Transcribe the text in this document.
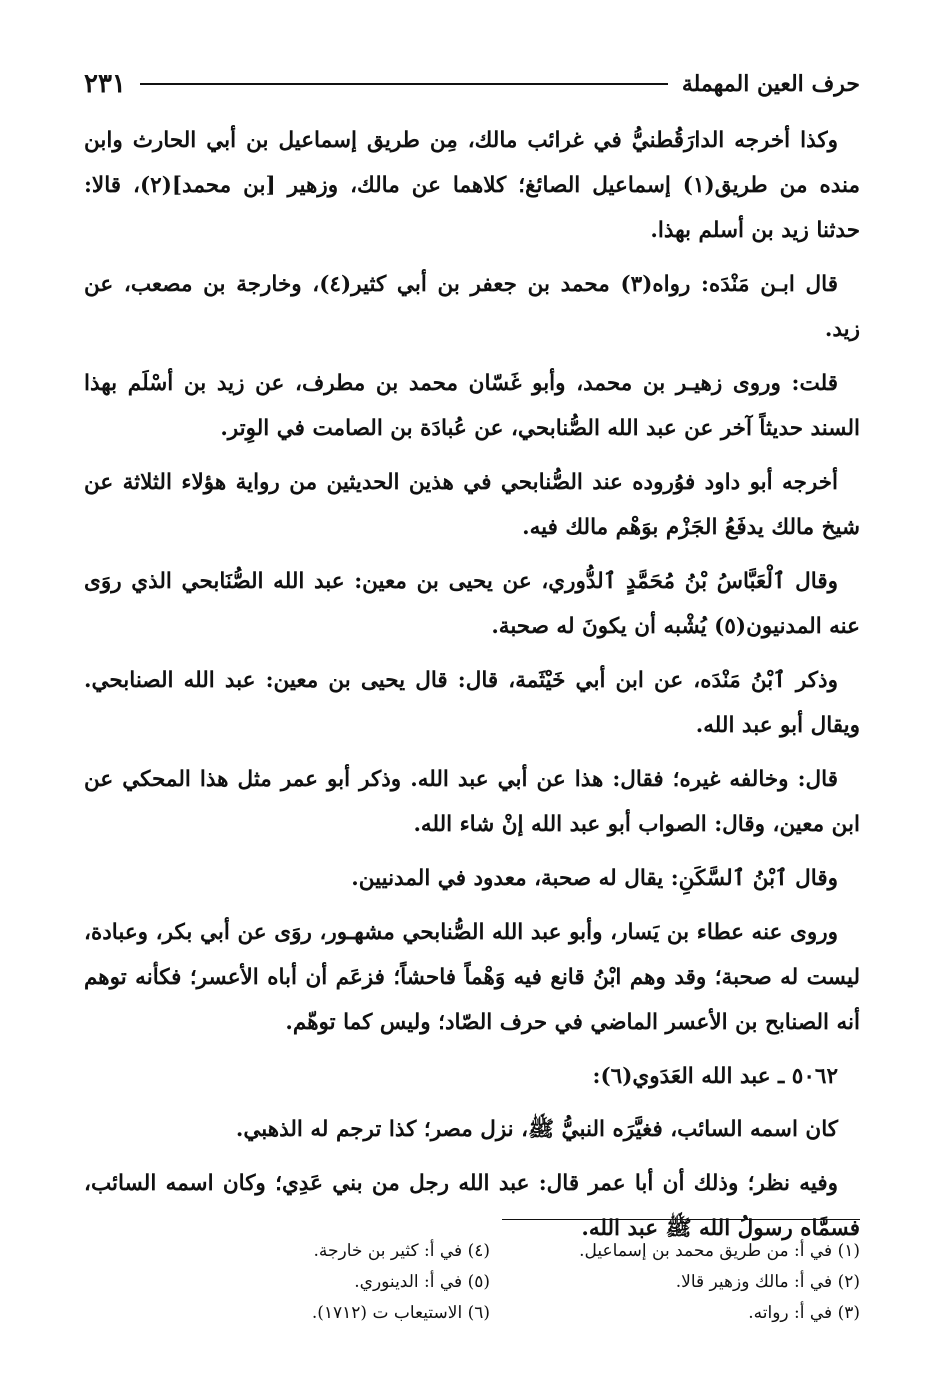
حرف العين المهملة
٢٣١

وكذا أخرجه الدارَقُطنيُّ في غرائب مالك، مِن طريق إسماعيل بن أبي الحارث وابن منده من طريق(١) إسماعيل الصائغ؛ كلاهما عن مالك، وزهير [بن محمد](٢)، قالا: حدثنا زيد بن أسلم بهذا.

قال ابـن مَنْدَه: رواه(٣) محمد بن جعفر بن أبي كثير(٤)، وخارجة بن مصعب، عن زيد.

قلت: وروى زهيـر بن محمد، وأبو غَسّان محمد بن مطرف، عن زيد بن أسْلَم بهذا السند حديثاً آخر عن عبد الله الصُّنابحي، عن عُبادَة بن الصامت في الوِتر.

أخرجه أبو داود فوُروده عند الصُّنابحي في هذين الحديثين من رواية هؤلاء الثلاثة عن شيخ مالك يدفَعُ الجَزْم بوَهْم مالك فيه.

وقال ٱلْعَبَّاسُ بْنُ مُحَمَّدٍ ٱلدُّوري، عن يحيى بن معين: عبد الله الصُّنَابحي الذي روَى عنه المدنيون(٥) يُشْبه أن يكونَ له صحبة.

وذكر ٱبْنُ مَنْدَه، عن ابن أبي خَيْثَمة، قال: قال يحيى بن معين: عبد الله الصنابحي. ويقال أبو عبد الله.

قال: وخالفه غيره؛ فقال: هذا عن أبي عبد الله. وذكر أبو عمر مثل هذا المحكي عن ابن معين، وقال: الصواب أبو عبد الله إنْ شاء الله.

وقال ٱبْنُ ٱلسَّكَنِ: يقال له صحبة، معدود في المدنيين.

وروى عنه عطاء بن يَسار، وأبو عبد الله الصُّنابحي مشهـور، روَى عن أبي بكر، وعبادة، ليست له صحبة؛ وقد وهم ابْنُ قانع فيه وَهْماً فاحشاً؛ فزعَم أن أباه الأعسر؛ فكأنه توهم أنه الصنابح بن الأعسر الماضي في حرف الصّاد؛ وليس كما توهّم.

٥٠٦٢ ـ عبد الله العَدَوي(٦):

كان اسمه السائب، فغيَّرَه النبيُّ ﷺ، نزل مصر؛ كذا ترجم له الذهبي.

وفيه نظر؛ وذلك أن أبا عمر قال: عبد الله رجل من بني عَدِي؛ وكان اسمه السائب، فسمَّاه رسولُ الله ﷺ عبد الله.

(١) في أ: من طريق محمد بن إسماعيل.
(٢) في أ: مالك وزهير قالا.
(٣) في أ: رواته.
(٤) في أ: كثير بن خارجة.
(٥) في أ: الدينوري.
(٦) الاستيعاب ت (١٧١٢).
